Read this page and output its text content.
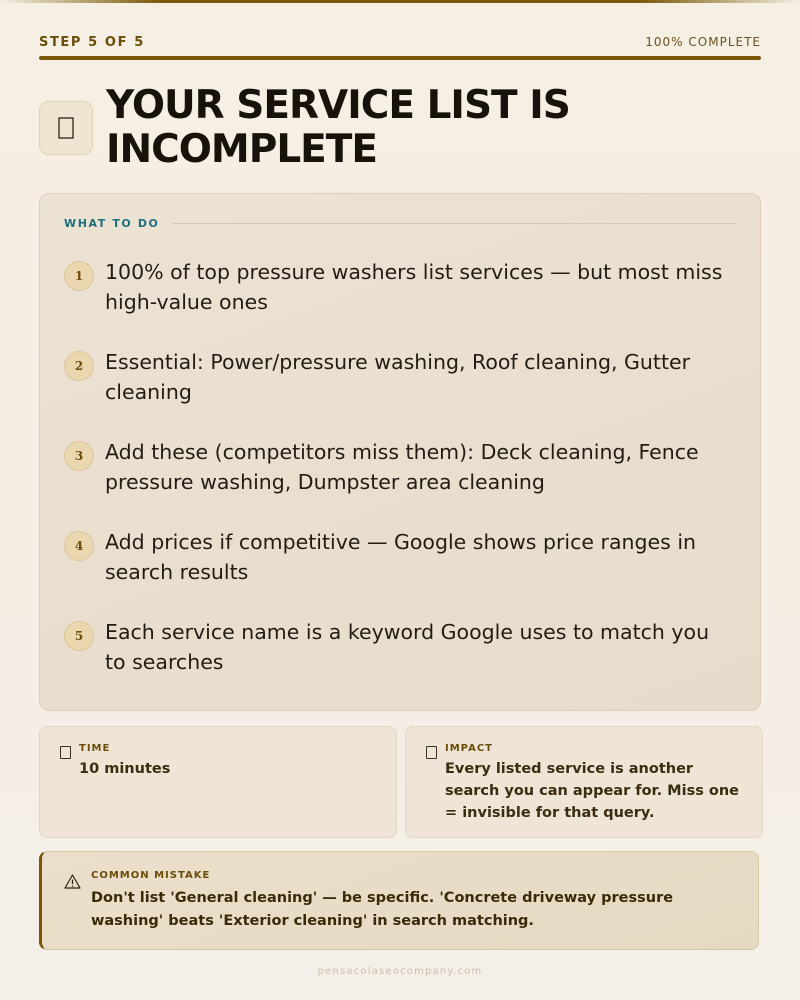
STEP 5 OF 5	100% COMPLETE
YOUR SERVICE LIST IS INCOMPLETE
WHAT TO DO
1	100% of top pressure washers list services — but most miss high-value ones
2	Essential: Power/pressure washing, Roof cleaning, Gutter cleaning
3	Add these (competitors miss them): Deck cleaning, Fence pressure washing, Dumpster area cleaning
4	Add prices if competitive — Google shows price ranges in search results
5	Each service name is a keyword Google uses to match you to searches
TIME
10 minutes
IMPACT
Every listed service is another search you can appear for. Miss one = invisible for that query.
COMMON MISTAKE
Don't list 'General cleaning' — be specific. 'Concrete driveway pressure washing' beats 'Exterior cleaning' in search matching.
pensacolaseocompany.com
